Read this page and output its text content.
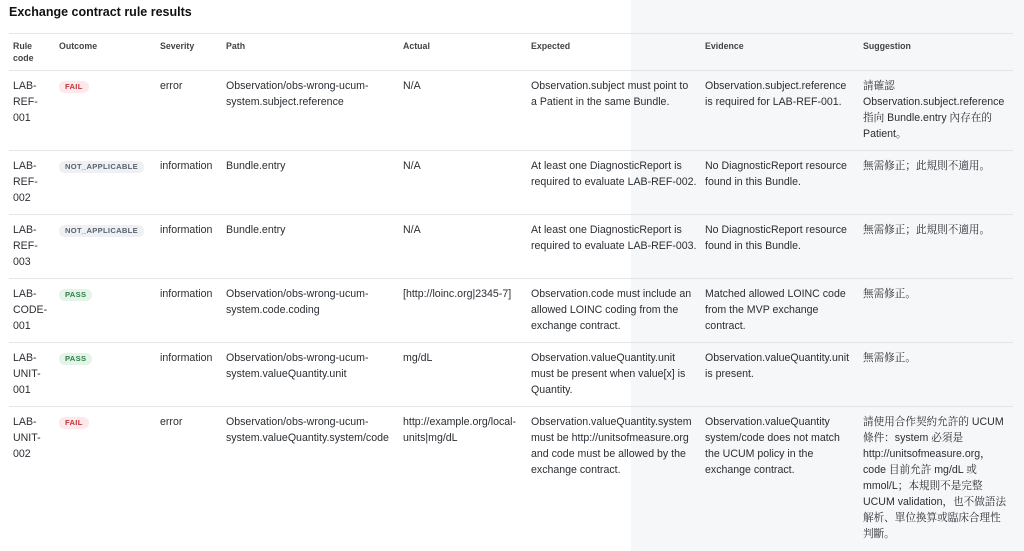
Exchange contract rule results
Rule code	Outcome	Severity	Path	Actual	Expected	Evidence	Suggestion
LAB-REF-001	FAIL	error	Observation/obs-wrong-ucum-system.subject.reference	N/A	Observation.subject must point to a Patient in the same Bundle.	Observation.subject.reference is required for LAB-REF-001.	請確認 Observation.subject.reference 指向 Bundle.entry 內存在的 Patient。
LAB-REF-002	NOT_APPLICABLE	information	Bundle.entry	N/A	At least one DiagnosticReport is required to evaluate LAB-REF-002.	No DiagnosticReport resource found in this Bundle.	無需修正；此規則不適用。
LAB-REF-003	NOT_APPLICABLE	information	Bundle.entry	N/A	At least one DiagnosticReport is required to evaluate LAB-REF-003.	No DiagnosticReport resource found in this Bundle.	無需修正；此規則不適用。
LAB-CODE-001	PASS	information	Observation/obs-wrong-ucum-system.code.coding	[http://loinc.org|2345-7]	Observation.code must include an allowed LOINC coding from the exchange contract.	Matched allowed LOINC code from the MVP exchange contract.	無需修正。
LAB-UNIT-001	PASS	information	Observation/obs-wrong-ucum-system.valueQuantity.unit	mg/dL	Observation.valueQuantity.unit must be present when value[x] is Quantity.	Observation.valueQuantity.unit is present.	無需修正。
LAB-UNIT-002	FAIL	error	Observation/obs-wrong-ucum-system.valueQuantity.system/code	http://example.org/local-units|mg/dL	Observation.valueQuantity.system must be http://unitsofmeasure.org and code must be allowed by the exchange contract.	Observation.valueQuantity system/code does not match the UCUM policy in the exchange contract.	請使用合作契約允許的 UCUM 條件：system 必須是 http://unitsofmeasure.org，code 目前允許 mg/dL 或 mmol/L；本規則不是完整 UCUM validation，也不做語法解析、單位換算或臨床合理性判斷。
